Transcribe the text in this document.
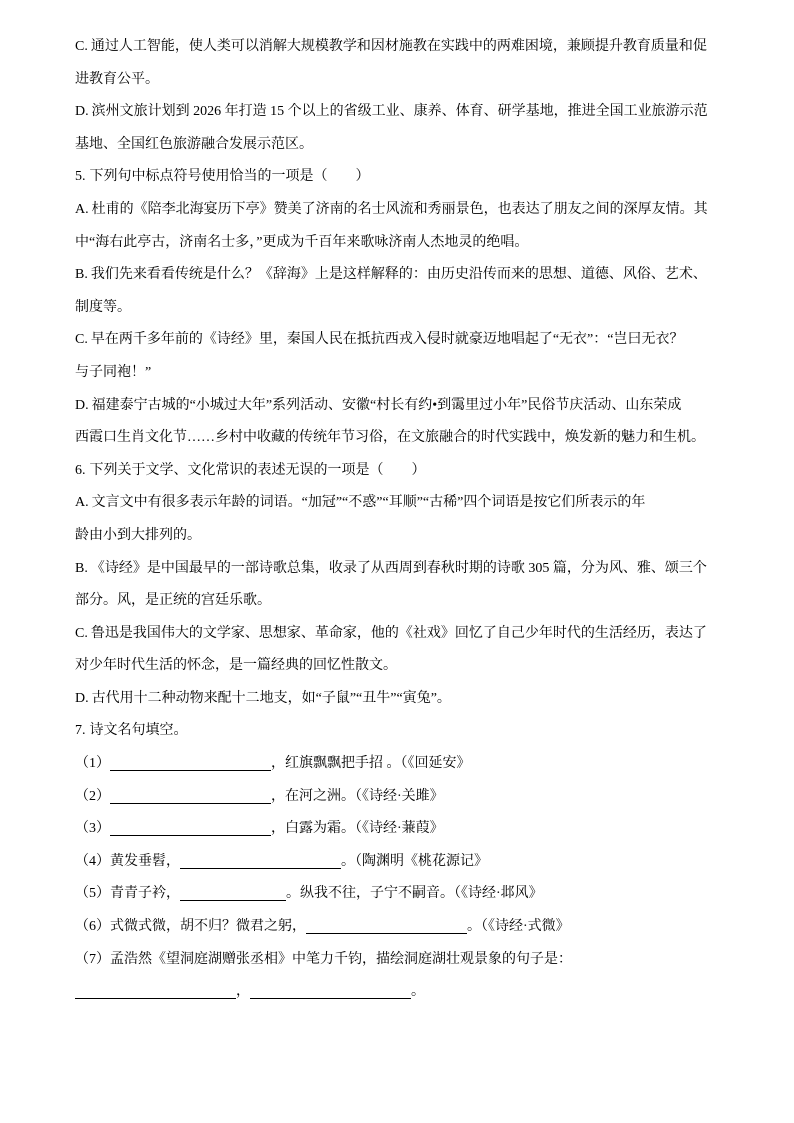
C. 通过人工智能，使人类可以消解大规模教学和因材施教在实践中的两难困境，兼顾提升教育质量和促
进教育公平。
D. 滨州文旅计划到 2026 年打造 15 个以上的省级工业、康养、体育、研学基地，推进全国工业旅游示范
基地、全国红色旅游融合发展示范区。
5. 下列句中标点符号使用恰当的一项是（　　）
A. 杜甫的《陪李北海宴历下亭》赞美了济南的名士风流和秀丽景色，也表达了朋友之间的深厚友情。其
中“海右此亭古，济南名士多，”更成为千百年来歌咏济南人杰地灵的绝唱。
B. 我们先来看看传统是什么？《辞海》上是这样解释的：由历史沿传而来的思想、道德、风俗、艺术、
制度等。
C. 早在两千多年前的《诗经》里，秦国人民在抵抗西戎入侵时就豪迈地唱起了“无衣”：“岂曰无衣？
与子同袍！”
D. 福建泰宁古城的“小城过大年”系列活动、安徽“村长有约•到霭里过小年”民俗节庆活动、山东荣成
西霞口生肖文化节……乡村中收藏的传统年节习俗，在文旅融合的时代实践中，焕发新的魅力和生机。
6. 下列关于文学、文化常识的表述无误的一项是（　　）
A. 文言文中有很多表示年龄的词语。“加冠”“不惑”“耳顺”“古稀”四个词语是按它们所表示的年
龄由小到大排列的。
B. 《诗经》是中国最早的一部诗歌总集，收录了从西周到春秋时期的诗歌 305 篇，分为风、雅、颂三个
部分。风，是正统的宫廷乐歌。
C. 鲁迅是我国伟大的文学家、思想家、革命家，他的《社戏》回忆了自己少年时代的生活经历，表达了
对少年时代生活的怀念，是一篇经典的回忆性散文。
D. 古代用十二种动物来配十二地支，如“子鼠”“丑牛”“寅兔”。
7. 诗文名句填空。
（1）	，红旗飘飘把手招 。（《回延安》
（2）	，在河之洲。（《诗经·关雎》
（3）	，白露为霜。（《诗经·蒹葭》
（4）黄发垂髫，	。（陶渊明《桃花源记》
（5）青青子衿，	。纵我不往，子宁不嗣音。（《诗经·邶风》
（6）式微式微，胡不归？微君之躬，	。（《诗经·式微》
（7）孟浩然《望洞庭湖赠张丞相》中笔力千钧，描绘洞庭湖壮观景象的句子是：
，	。
